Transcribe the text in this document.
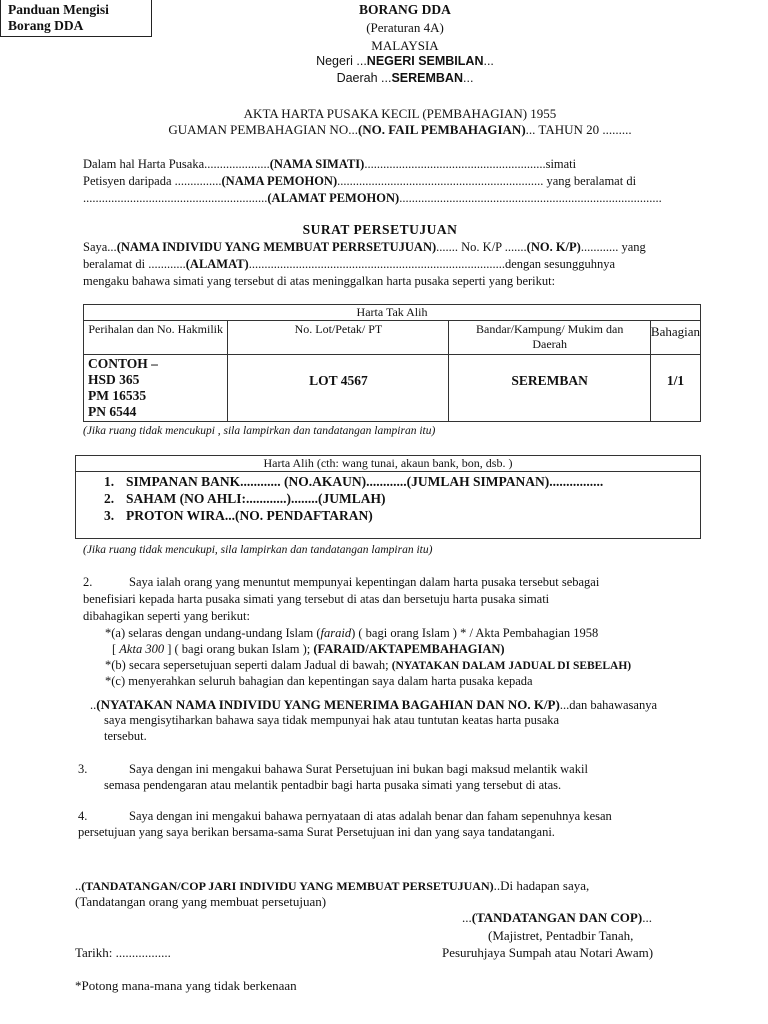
Panduan Mengisi
Borang DDA
BORANG DDA
(Peraturan 4A)
MALAYSIA
Negeri ...NEGERI SEMBILAN...
Daerah ...SEREMBAN...
AKTA HARTA PUSAKA KECIL (PEMBAHAGIAN) 1955
GUAMAN PEMBAHAGIAN NO...(NO. FAIL PEMBAHAGIAN)... TAHUN 20 .........
Dalam hal Harta Pusaka.....................(NAMA SIMATI)..........................................................simati
Petisyen daripada ...............(NAMA PEMOHON).................................................................. yang beralamat di
...........................................................(ALAMAT PEMOHON)....................................................................................
SURAT PERSETUJUAN
Saya...(NAMA INDIVIDU YANG MEMBUAT PERRSETUJUAN)....... No. K/P .......(NO. K/P)............ yang
beralamat di ............(ALAMAT)..................................................................................dengan sesungguhnya
mengaku bahawa simati yang tersebut di atas meninggalkan harta pusaka seperti yang berikut:
Harta Tak Alih			
Perihalan dan No. Hakmilik	No. Lot/Petak/ PT	Bandar/Kampung/ Mukim dan Daerah	Bahagian

CONTOH –
HSD 365
PM 16535
PN 6544	LOT 4567	SEREMBAN	1/1
(Jika ruang tidak mencukupi , sila lampirkan dan tandatangan lampiran itu)
Harta Alih (cth: wang tunai, akaun bank, bon, dsb. )

1. SIMPANAN BANK............ (NO.AKAUN)............(JUMLAH SIMPANAN)................
2. SAHAM (NO AHLI:............)........(JUMLAH)
3. PROTON WIRA...(NO. PENDAFTARAN)
(Jika ruang tidak mencukupi, sila lampirkan dan tandatangan lampiran itu)
2.	Saya ialah orang yang menuntut mempunyai kepentingan dalam harta pusaka tersebut sebagai
benefisiari kepada harta pusaka simati yang tersebut di atas dan bersetuju harta pusaka simati
dibahagikan seperti yang berikut:
*(a) selaras dengan undang-undang Islam (faraid) ( bagi orang Islam ) * / Akta Pembahagian 1958
[ Akta 300 ] ( bagi orang bukan Islam ); (FARAID/AKTAPEMBAHAGIAN)
*(b) secara sepersetujuan seperti dalam Jadual di bawah; (NYATAKAN DALAM JADUAL DI SEBELAH)
*(c) menyerahkan seluruh bahagian dan kepentingan saya dalam harta pusaka kepada
..(NYATAKAN NAMA INDIVIDU YANG MENERIMA BAGAHIAN DAN NO. K/P)...dan bahawasanya
saya mengisytiharkan bahawa saya tidak mempunyai hak atau tuntutan keatas harta pusaka
tersebut.
3.	Saya dengan ini mengakui bahawa Surat Persetujuan ini bukan bagi maksud melantik wakil
semasa pendengaran atau melantik pentadbir bagi harta pusaka simati yang tersebut di atas.
4.	Saya dengan ini mengakui bahawa pernyataan di atas adalah benar dan faham sepenuhnya kesan
persetujuan yang saya berikan bersama-sama Surat Persetujuan ini dan yang saya tandatangani.
..(TANDATANGAN/COP JARI INDIVIDU YANG MEMBUAT PERSETUJUAN)..Di hadapan saya,
(Tandatangan orang yang membuat persetujuan)
...(TANDATANGAN DAN COP)...
(Majistret, Pentadbir Tanah,
Pesuruhjaya Sumpah atau Notari Awam)
Tarikh: .................
*Potong mana-mana yang tidak berkenaan
